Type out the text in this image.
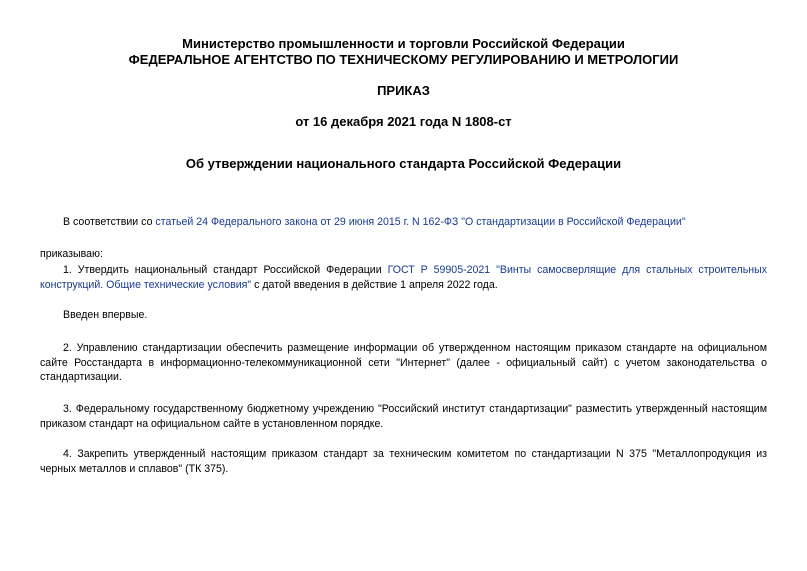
Министерство промышленности и торговли Российской Федерации

ФЕДЕРАЛЬНОЕ АГЕНТСТВО ПО ТЕХНИЧЕСКОМУ РЕГУЛИРОВАНИЮ И МЕТРОЛОГИИ

ПРИКАЗ

от 16 декабря 2021 года N 1808-ст

Об утверждении национального стандарта Российской Федерации

В соответствии со статьей 24 Федерального закона от 29 июня 2015 г. N 162-ФЗ "О стандартизации в Российской Федерации"

приказываю:

1. Утвердить национальный стандарт Российской Федерации ГОСТ Р 59905-2021 "Винты самосверлящие для стальных строительных конструкций. Общие технические условия" с датой введения в действие 1 апреля 2022 года.

Введен впервые.

2. Управлению стандартизации обеспечить размещение информации об утвержденном настоящим приказом стандарте на официальном сайте Росстандарта в информационно-телекоммуникационной сети "Интернет" (далее - официальный сайт) с учетом законодательства о стандартизации.

3. Федеральному государственному бюджетному учреждению "Российский институт стандартизации" разместить утвержденный настоящим приказом стандарт на официальном сайте в установленном порядке.

4. Закрепить утвержденный настоящим приказом стандарт за техническим комитетом по стандартизации N 375 "Металлопродукция из черных металлов и сплавов" (ТК 375).
